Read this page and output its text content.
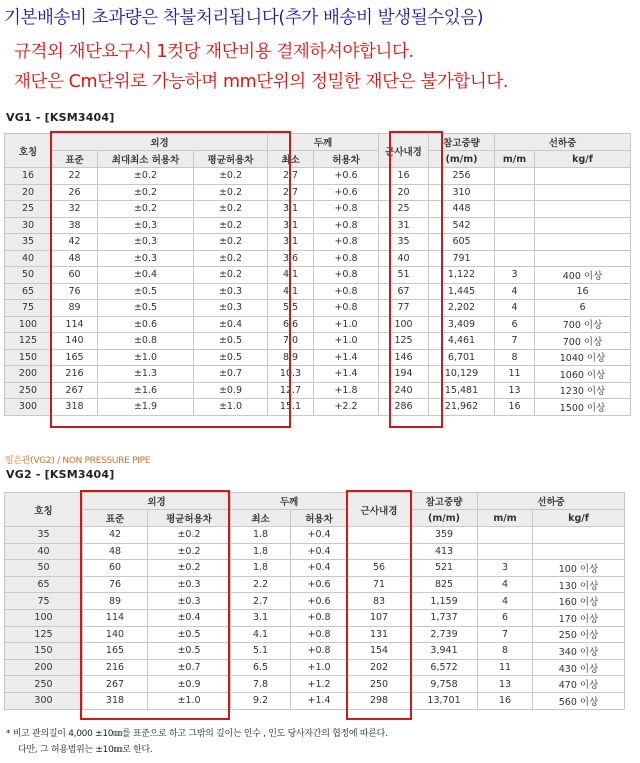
기본배송비 초과량은 착불처리됩니다(추가 배송비 발생될수있음)
규격외 재단요구시 1컷당 재단비용 결제하셔야합니다.
재단은 Cm단위로 가능하며 mm단위의 정밀한 재단은 불가합니다.
VG1 - [KSM3404]
호칭	외경			두께		근사내경	참고중량	선하중	
	표준	최대최소 허용차	평균허용차	최소	허용차		(m/m)	m/m	kg/f
16	22	±0.2	±0.2	2.7	+0.6	16	256		
20	26	±0.2	±0.2	2.7	+0.6	20	310		
25	32	±0.2	±0.2	3.1	+0.8	25	448		
30	38	±0.3	±0.2	3.1	+0.8	31	542		
35	42	±0.3	±0.2	3.1	+0.8	35	605		
40	48	±0.3	±0.2	3.6	+0.8	40	791		
50	60	±0.4	±0.2	4.1	+0.8	51	1,122	3	400 이상
65	76	±0.5	±0.3	4.1	+0.8	67	1,445	4	16
75	89	±0.5	±0.3	5.5	+0.8	77	2,202	4	6
100	114	±0.6	±0.4	6.6	+1.0	100	3,409	6	700 이상
125	140	±0.8	±0.5	7.0	+1.0	125	4,461	7	700 이상
150	165	±1.0	±0.5	8.9	+1.4	146	6,701	8	1040 이상
200	216	±1.3	±0.7	10.3	+1.4	194	10,129	11	1060 이상
250	267	±1.6	±0.9	12.7	+1.8	240	15,481	13	1230 이상
300	318	±1.9	±1.0	15.1	+2.2	286	21,962	16	1500 이상
일은관(VG2) / NON PRESSURE PIPE
VG2 - [KSM3404]
호칭	외경		두께		근사내경	참고중량	선하중	
	표준	평균허용차	최소	허용차		(m/m)	m/m	kg/f
35	42	±0.2	1.8	+0.4		359		
40	48	±0.2	1.8	+0.4		413		
50	60	±0.2	1.8	+0.4	56	521	3	100 이상
65	76	±0.3	2.2	+0.6	71	825	4	130 이상
75	89	±0.3	2.7	+0.6	83	1,159	4	160 이상
100	114	±0.4	3.1	+0.8	107	1,737	6	170 이상
125	140	±0.5	4.1	+0.8	131	2,739	7	250 이상
150	165	±0.5	5.1	+0.8	154	3,941	8	340 이상
200	216	±0.7	6.5	+1.0	202	6,572	11	430 이상
250	267	±0.9	7.8	+1.2	250	9,758	13	470 이상
300	318	±1.0	9.2	+1.4	298	13,701	16	560 이상
* 비고 관의길이 4,000 ±10㎜를 표준으로 하고 그밖의 길이는 인수 , 인도 당사자간의 협정에 따른다.
다만, 그 허용범위는 ±10㎜로 한다.
